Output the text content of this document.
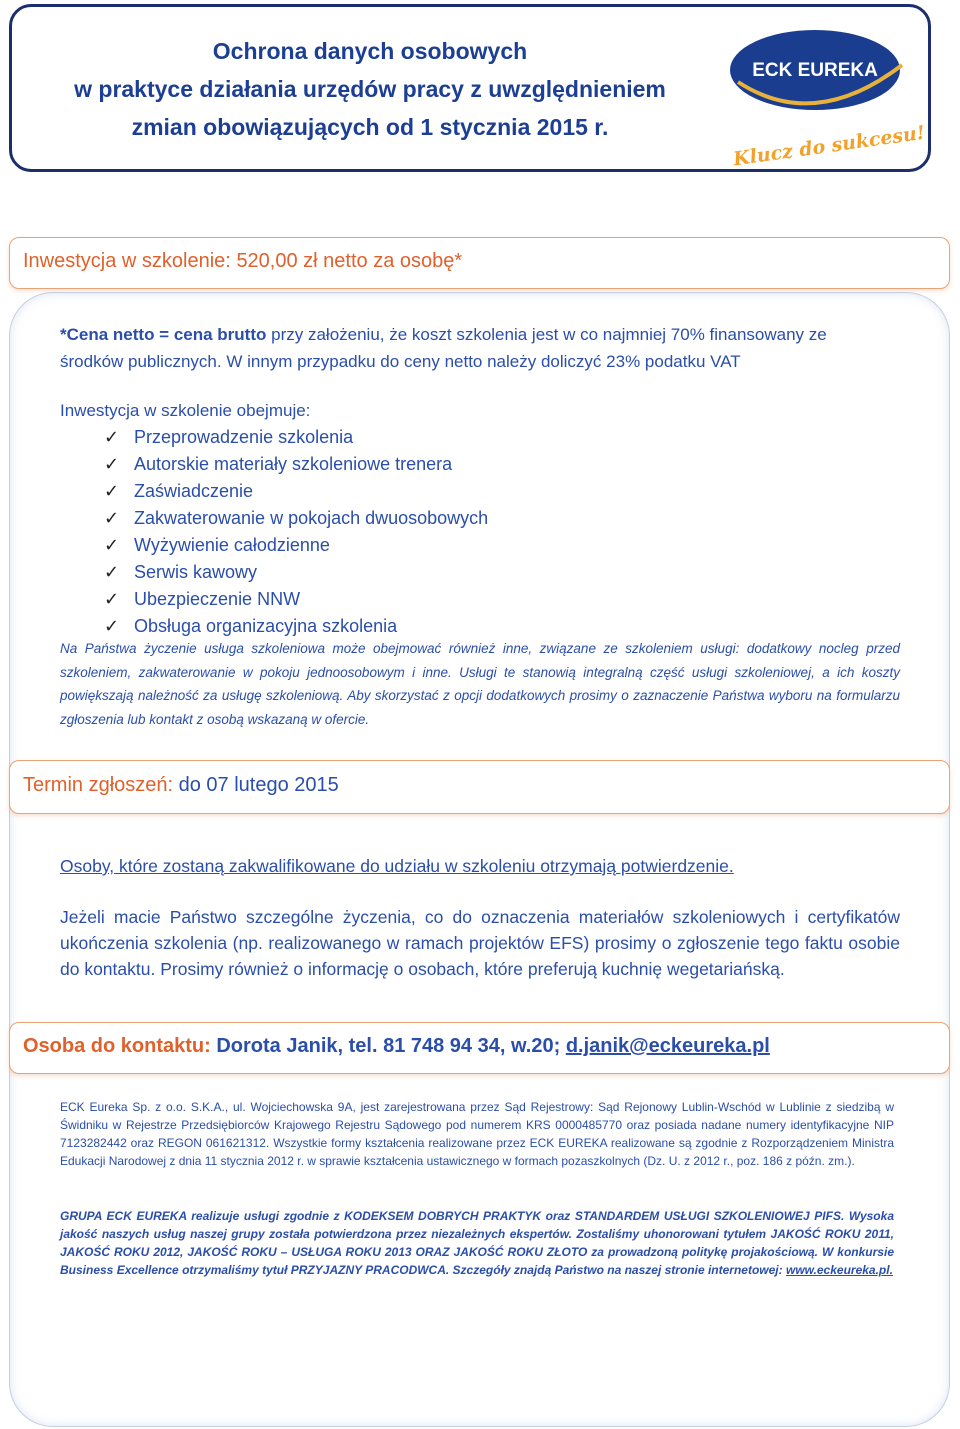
Ochrona danych osobowych
w praktyce działania urzędów pracy z uwzględnieniem
zmian obowiązujących od 1 stycznia 2015 r.
ECK EUREKA
Klucz do sukcesu!
Inwestycja w szkolenie: 520,00 zł netto za osobę*
*Cena netto = cena brutto przy założeniu, że koszt szkolenia jest w co najmniej 70% finansowany ze
środków publicznych. W innym przypadku do ceny netto należy doliczyć 23% podatku VAT
Inwestycja w szkolenie obejmuje:
✓ Przeprowadzenie szkolenia
✓ Autorskie materiały szkoleniowe trenera
✓ Zaświadczenie
✓ Zakwaterowanie w pokojach dwuosobowych
✓ Wyżywienie całodzienne
✓ Serwis kawowy
✓ Ubezpieczenie NNW
✓ Obsługa organizacyjna szkolenia
Na Państwa życzenie usługa szkoleniowa może obejmować również inne, związane ze szkoleniem usługi: dodatkowy nocleg przed szkoleniem, zakwaterowanie w pokoju jednoosobowym i inne. Usługi te stanowią integralną część usługi szkoleniowej, a ich koszty powiększają należność za usługę szkoleniową. Aby skorzystać z opcji dodatkowych prosimy o zaznaczenie Państwa wyboru na formularzu zgłoszenia lub kontakt z osobą wskazaną w ofercie.
Termin zgłoszeń: do 07 lutego 2015
Osoby, które zostaną zakwalifikowane do udziału w szkoleniu otrzymają potwierdzenie.
Jeżeli macie Państwo szczególne życzenia, co do oznaczenia materiałów szkoleniowych i certyfikatów ukończenia szkolenia (np. realizowanego w ramach projektów EFS) prosimy o zgłoszenie tego faktu osobie do kontaktu. Prosimy również o informację o osobach, które preferują kuchnię wegetariańską.
Osoba do kontaktu: Dorota Janik, tel. 81 748 94 34, w.20; d.janik@eckeureka.pl
ECK Eureka Sp. z o.o. S.K.A., ul. Wojciechowska 9A, jest zarejestrowana przez Sąd Rejestrowy: Sąd Rejonowy Lublin-Wschód w Lublinie z siedzibą w Świdniku w Rejestrze Przedsiębiorców Krajowego Rejestru Sądowego pod numerem KRS 0000485770 oraz posiada nadane numery identyfikacyjne NIP 7123282442 oraz REGON 061621312. Wszystkie formy kształcenia realizowane przez ECK EUREKA realizowane są zgodnie z Rozporządzeniem Ministra Edukacji Narodowej z dnia 11 stycznia 2012 r. w sprawie kształcenia ustawicznego w formach pozaszkolnych (Dz. U. z 2012 r., poz. 186 z późn. zm.).
GRUPA ECK EUREKA realizuje usługi zgodnie z KODEKSEM DOBRYCH PRAKTYK oraz STANDARDEM USŁUGI SZKOLENIOWEJ PIFS. Wysoka jakość naszych usług naszej grupy została potwierdzona przez niezależnych ekspertów. Zostaliśmy uhonorowani tytułem JAKOŚĆ ROKU 2011, JAKOŚĆ ROKU 2012, JAKOŚĆ ROKU – USŁUGA ROKU 2013 ORAZ JAKOŚĆ ROKU ZŁOTO za prowadzoną politykę projakościową. W konkursie Business Excellence otrzymaliśmy tytuł PRZYJAZNY PRACODWCA. Szczegóły znajdą Państwo na naszej stronie internetowej: www.eckeureka.pl.
